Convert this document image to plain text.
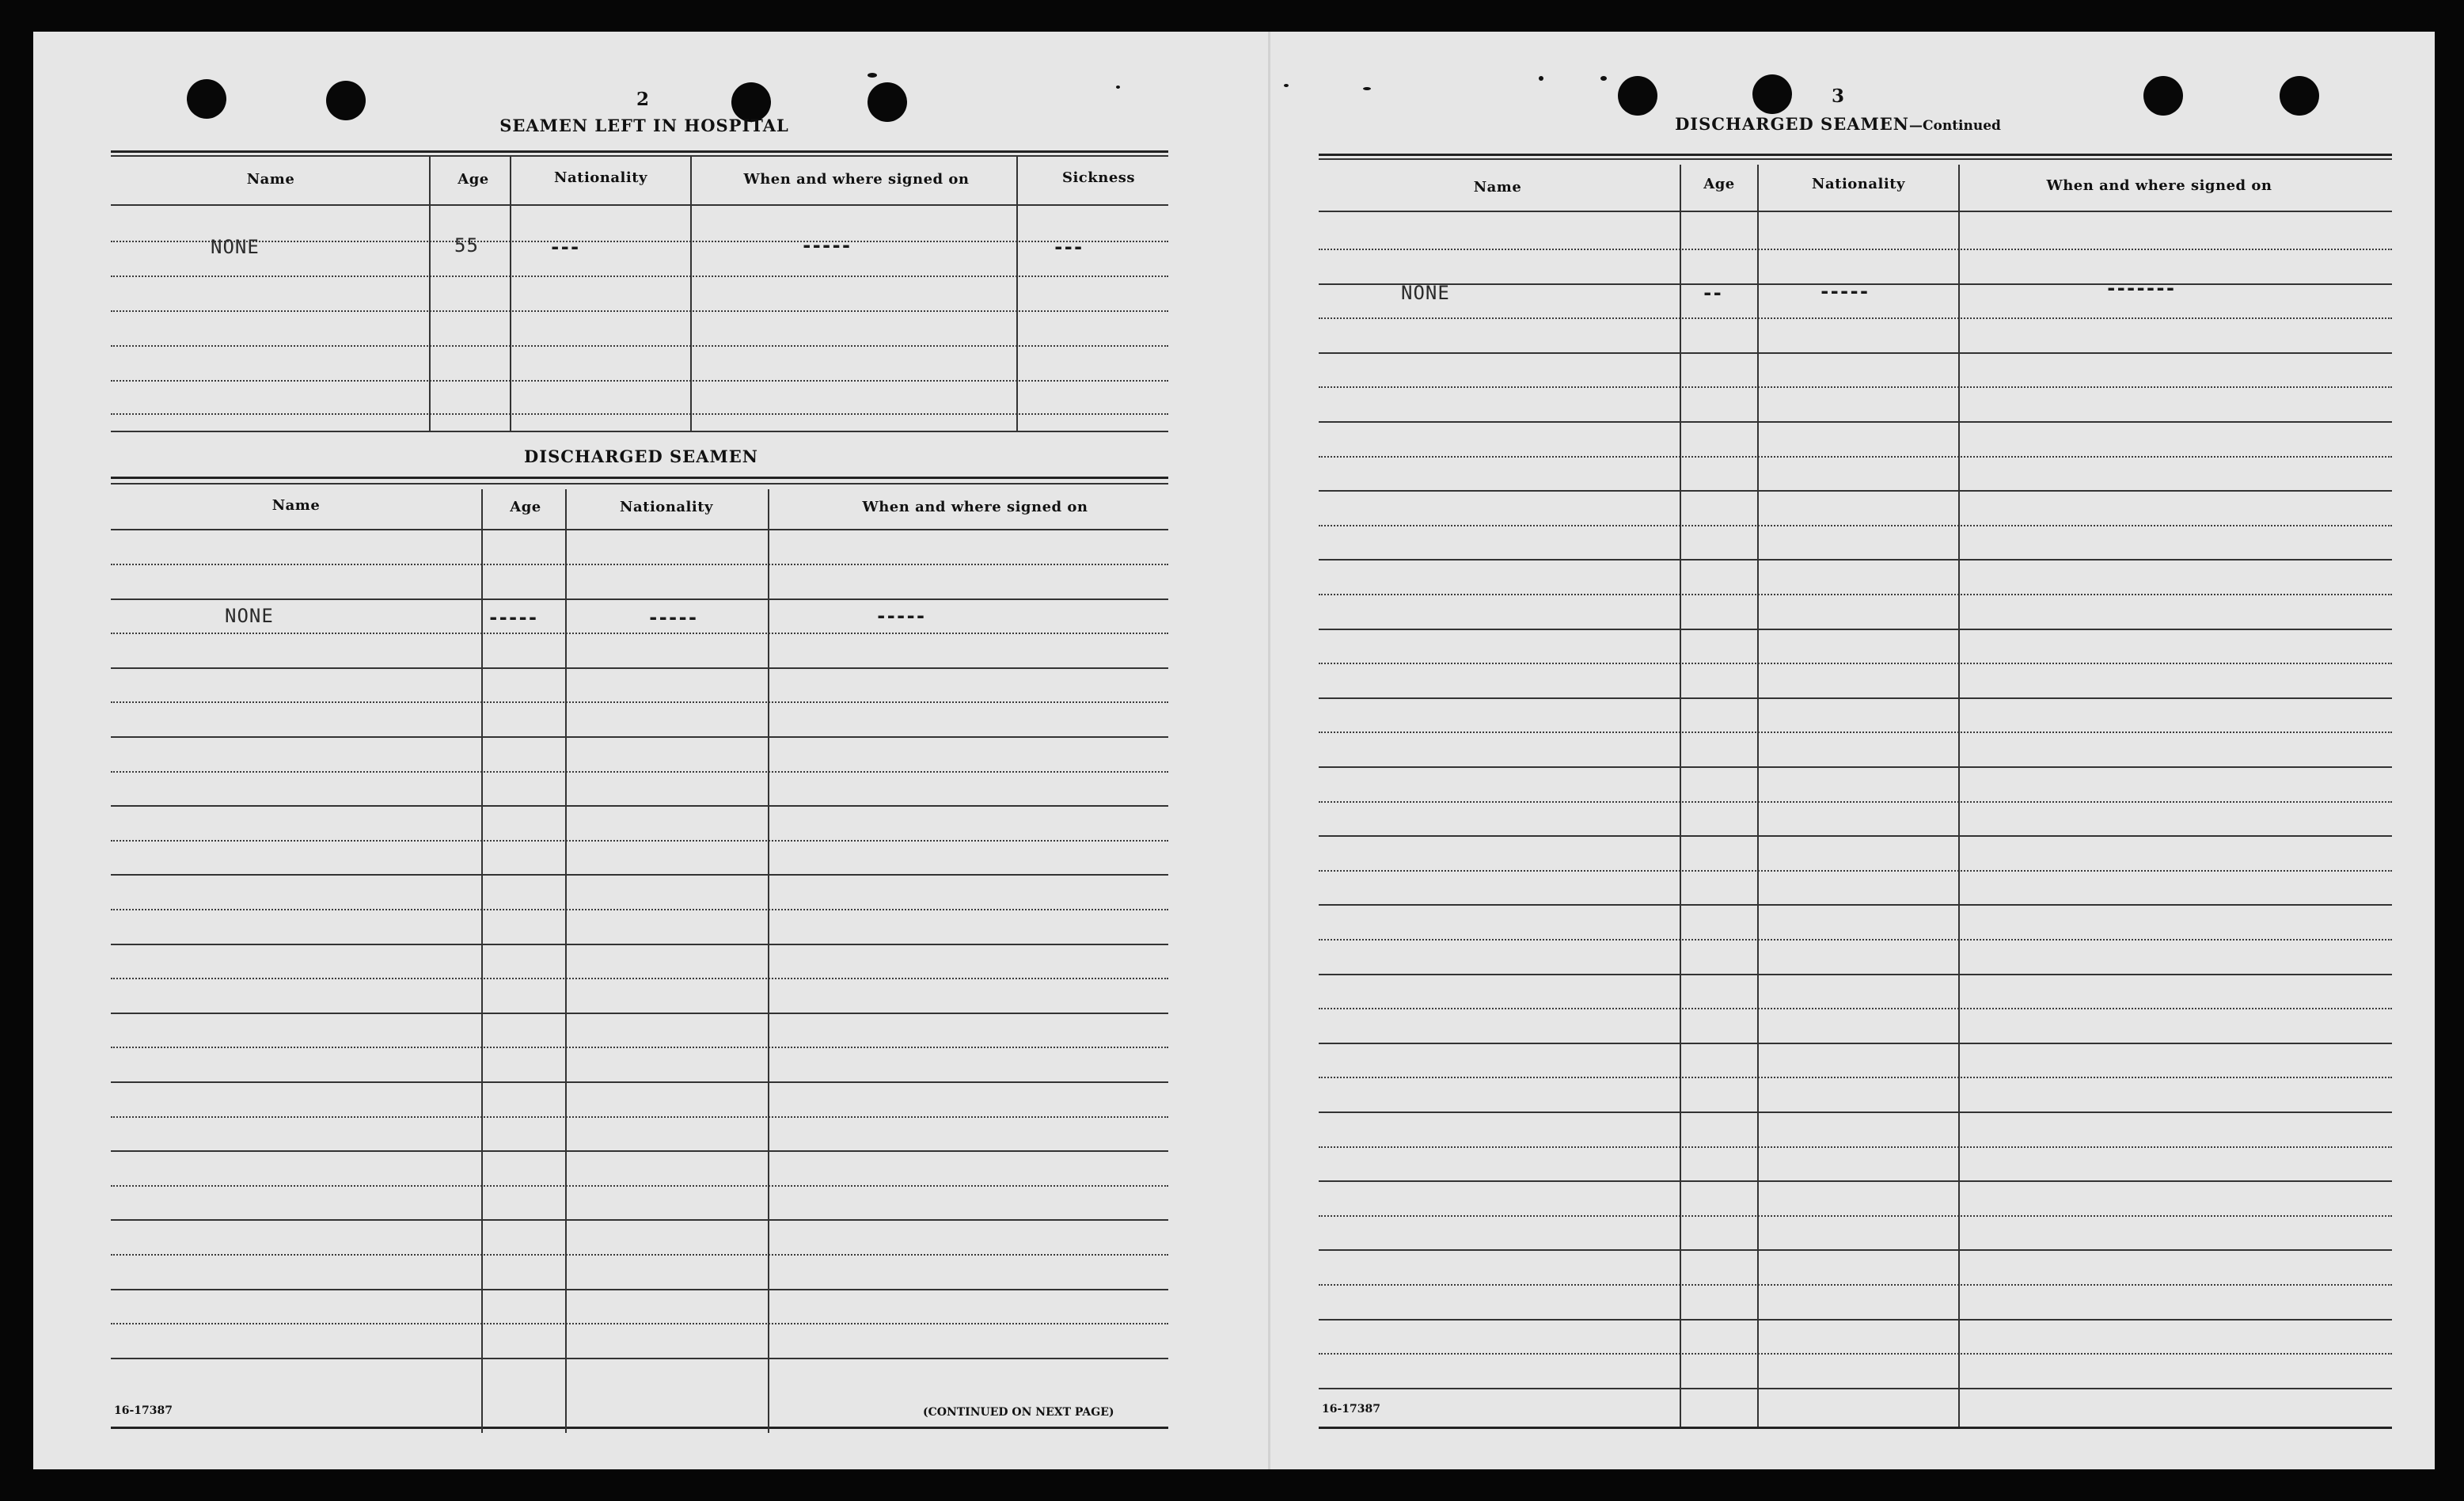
2
SEAMEN LEFT IN HOSPITAL
Name	Age	Nationality	When and where signed on	Sickness
NONE	55	---	-----	---
DISCHARGED SEAMEN
Name	Age	Nationality	When and where signed on
NONE	-----	-----	-----
16-17387	(CONTINUED ON NEXT PAGE)
3
DISCHARGED SEAMEN—Continued
Name	Age	Nationality	When and where signed on
NONE	--	-----	-------
16-17387
